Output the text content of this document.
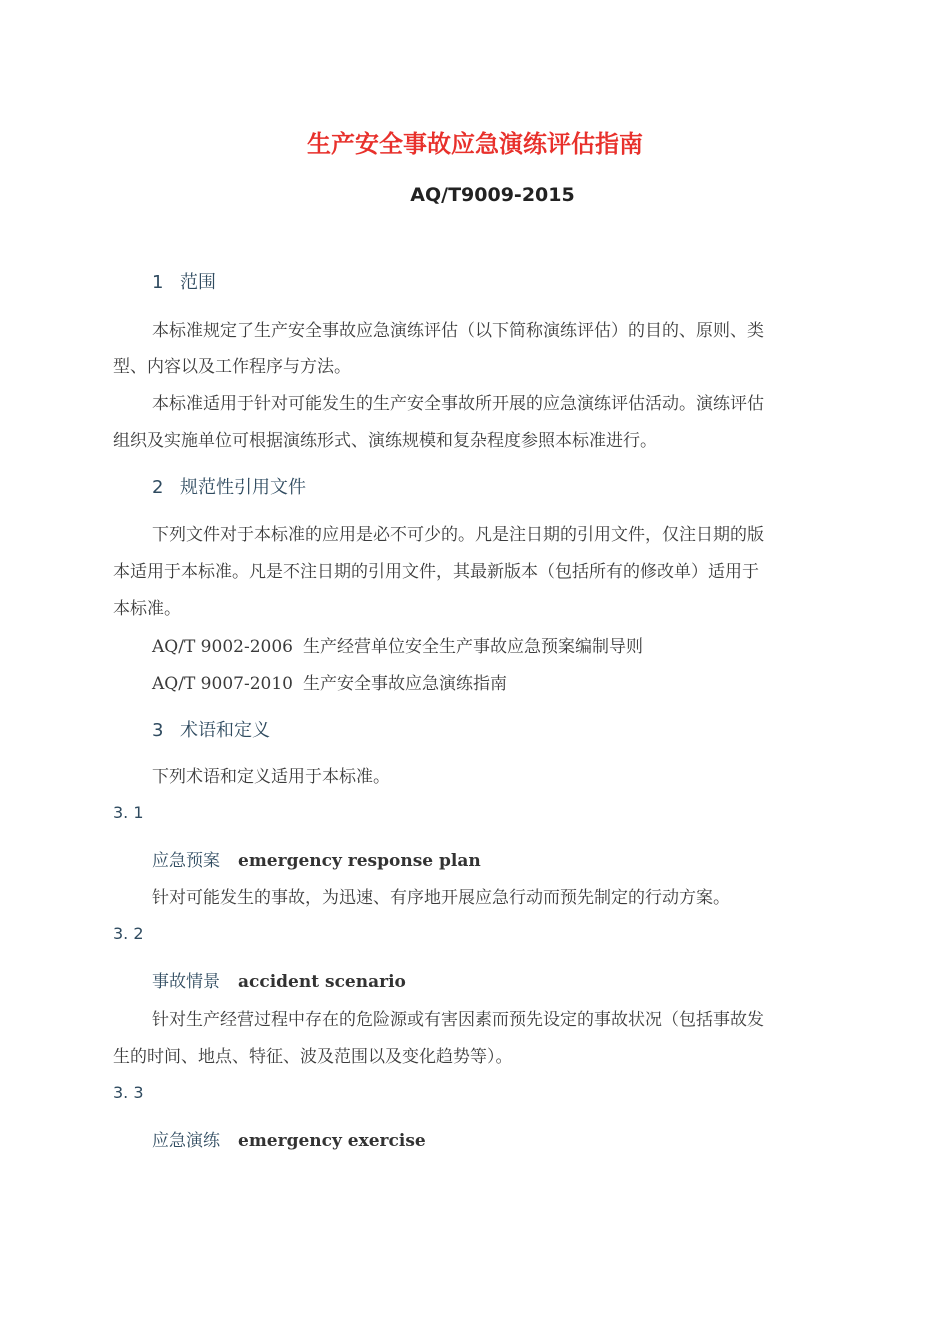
生产安全事故应急演练评估指南
AQ/T9009-2015
1 范围

本标准规定了生产安全事故应急演练评估（以下简称演练评估）的目的、原则、类

型、内容以及工作程序与方法。

本标准适用于针对可能发生的生产安全事故所开展的应急演练评估活动。演练评估

组织及实施单位可根据演练形式、演练规模和复杂程度参照本标准进行。

2 规范性引用文件

下列文件对于本标准的应用是必不可少的。凡是注日期的引用文件，仅注日期的版

本适用于本标准。凡是不注日期的引用文件，其最新版本（包括所有的修改单）适用于

本标准。

AQ/T 9002-2006 生产经营单位安全生产事故应急预案编制导则

AQ/T 9007-2010 生产安全事故应急演练指南

3 术语和定义

下列术语和定义适用于本标准。

3. 1
应急预案 emergency response plan

针对可能发生的事故，为迅速、有序地开展应急行动而预先制定的行动方案。

3. 2
事故情景 accident scenario

针对生产经营过程中存在的危险源或有害因素而预先设定的事故状况（包括事故发

生的时间、地点、特征、波及范围以及变化趋势等）。

3. 3
应急演练 emergency exercise
